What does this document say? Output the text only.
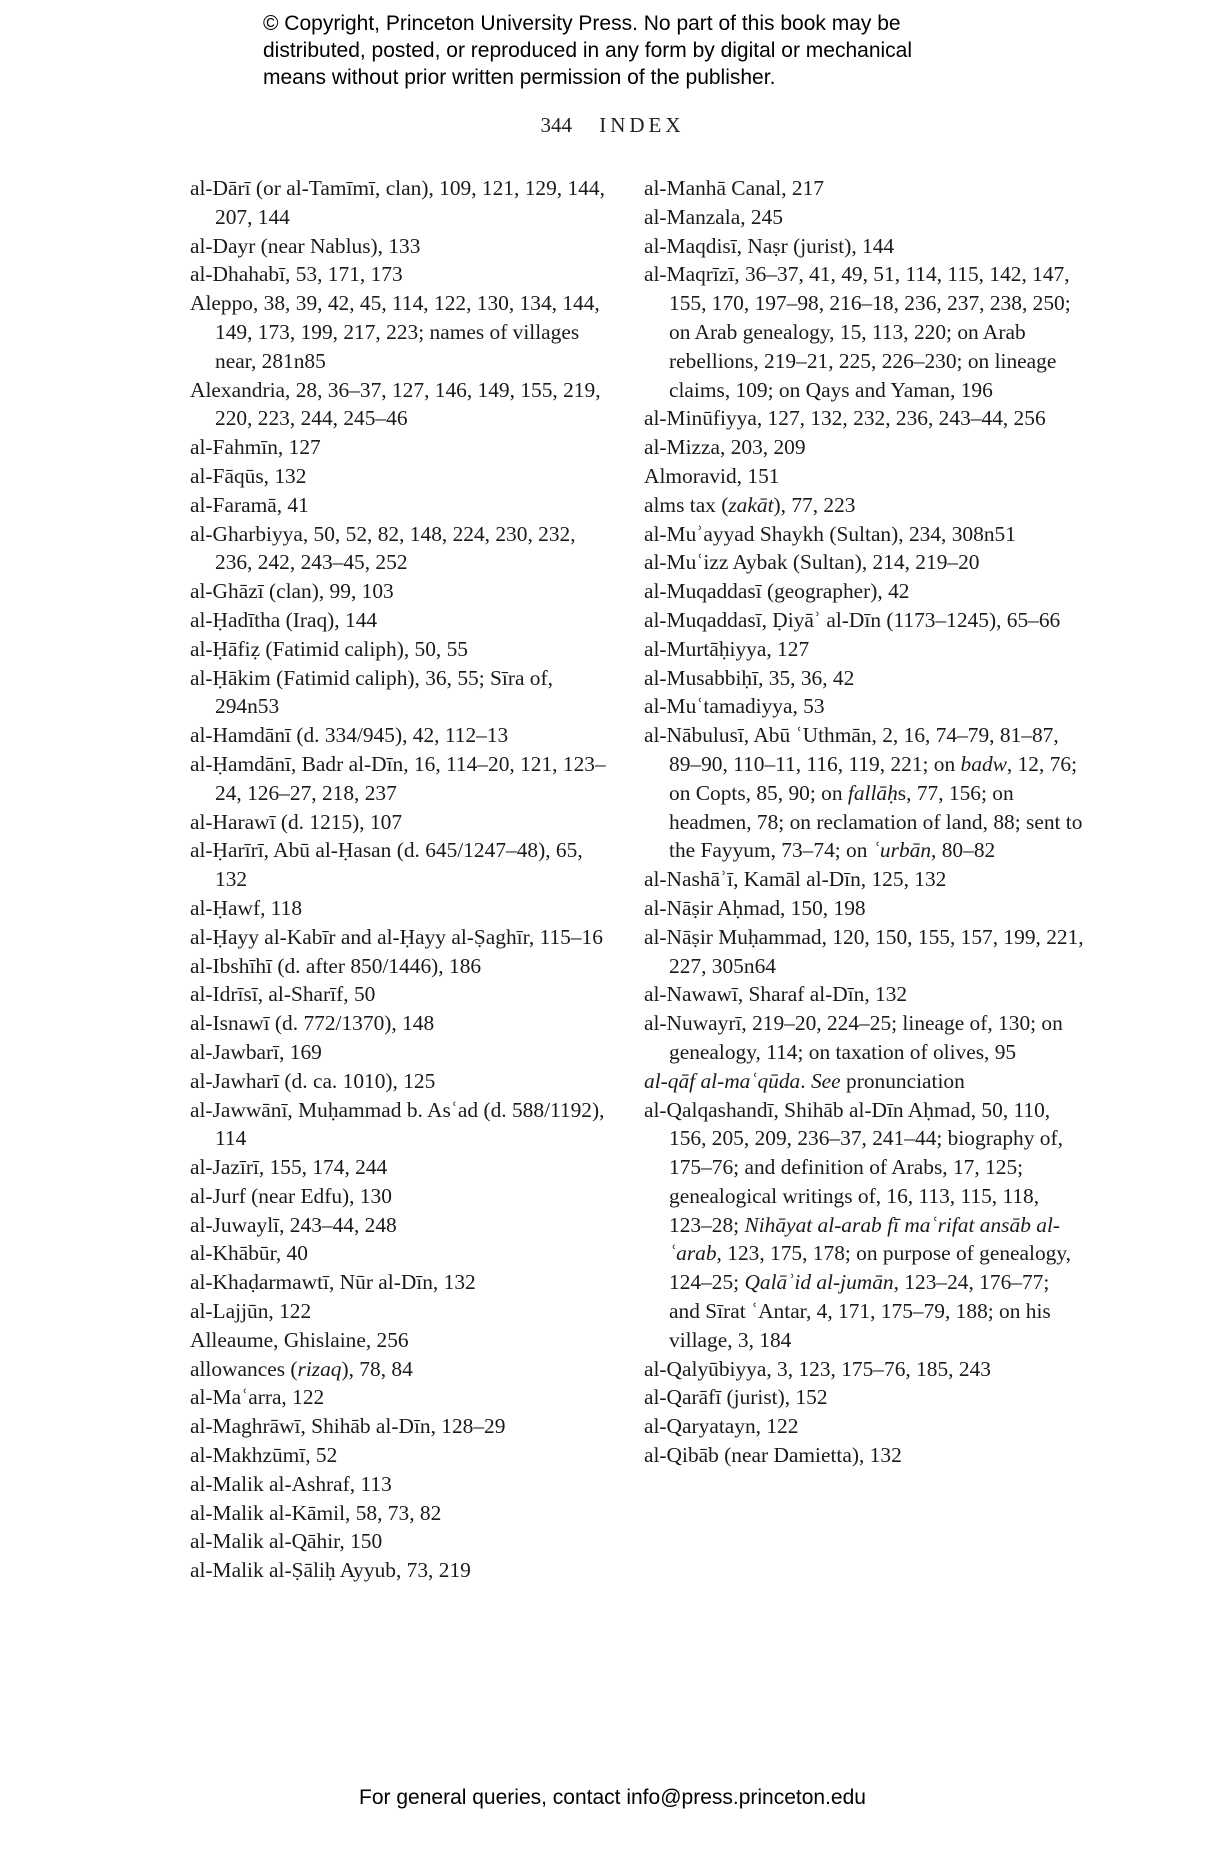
© Copyright, Princeton University Press. No part of this book may be
distributed, posted, or reproduced in any form by digital or mechanical
means without prior written permission of the publisher.
344 INDEX

al-Dārī (or al-Tamīmī, clan), 109, 121, 129, 144, 207, 144

al-Dayr (near Nablus), 133

al-Dhahabī, 53, 171, 173

Aleppo, 38, 39, 42, 45, 114, 122, 130, 134, 144, 149, 173, 199, 217, 223; names of villages near, 281n85

Alexandria, 28, 36–37, 127, 146, 149, 155, 219, 220, 223, 244, 245–46

al-Fahmīn, 127

al-Fāqūs, 132

al-Faramā, 41

al-Gharbiyya, 50, 52, 82, 148, 224, 230, 232, 236, 242, 243–45, 252

al-Ghāzī (clan), 99, 103

al-Ḥadītha (Iraq), 144

al-Ḥāfiẓ (Fatimid caliph), 50, 55

al-Ḥākim (Fatimid caliph), 36, 55; Sīra of, 294n53

al-Hamdānī (d. 334/945), 42, 112–13

al-Ḥamdānī, Badr al-Dīn, 16, 114–20, 121, 123–24, 126–27, 218, 237

al-Harawī (d. 1215), 107

al-Ḥarīrī, Abū al-Ḥasan (d. 645/1247–48), 65, 132

al-Ḥawf, 118

al-Ḥayy al-Kabīr and al-Ḥayy al-Ṣaghīr, 115–16

al-Ibshīhī (d. after 850/1446), 186

al-Idrīsī, al-Sharīf, 50

al-Isnawī (d. 772/1370), 148

al-Jawbarī, 169

al-Jawharī (d. ca. 1010), 125

al-Jawwānī, Muḥammad b. Asʿad (d. 588/1192), 114

al-Jazīrī, 155, 174, 244

al-Jurf (near Edfu), 130

al-Juwaylī, 243–44, 248

al-Khābūr, 40

al-Khaḍarmawtī, Nūr al-Dīn, 132

al-Lajjūn, 122

Alleaume, Ghislaine, 256

allowances (rizaq), 78, 84

al-Maʿarra, 122

al-Maghrāwī, Shihāb al-Dīn, 128–29

al-Makhzūmī, 52

al-Malik al-Ashraf, 113

al-Malik al-Kāmil, 58, 73, 82

al-Malik al-Qāhir, 150

al-Malik al-Ṣāliḥ Ayyub, 73, 219

al-Manhā Canal, 217

al-Manzala, 245

al-Maqdisī, Naṣr (jurist), 144

al-Maqrīzī, 36–37, 41, 49, 51, 114, 115, 142, 147, 155, 170, 197–98, 216–18, 236, 237, 238, 250; on Arab genealogy, 15, 113, 220; on Arab rebellions, 219–21, 225, 226–230; on lineage claims, 109; on Qays and Yaman, 196

al-Minūfiyya, 127, 132, 232, 236, 243–44, 256

al-Mizza, 203, 209

Almoravid, 151

alms tax (zakāt), 77, 223

al-Muʾayyad Shaykh (Sultan), 234, 308n51

al-Muʿizz Aybak (Sultan), 214, 219–20

al-Muqaddasī (geographer), 42

al-Muqaddasī, Ḍiyāʾ al-Dīn (1173–1245), 65–66

al-Murtāḥiyya, 127

al-Musabbiḥī, 35, 36, 42

al-Muʿtamadiyya, 53

al-Nābulusī, Abū ʿUthmān, 2, 16, 74–79, 81–87, 89–90, 110–11, 116, 119, 221; on badw, 12, 76; on Copts, 85, 90; on fallāḥs, 77, 156; on headmen, 78; on reclamation of land, 88; sent to the Fayyum, 73–74; on ʿurbān, 80–82

al-Nashāʾī, Kamāl al-Dīn, 125, 132

al-Nāṣir Aḥmad, 150, 198

al-Nāṣir Muḥammad, 120, 150, 155, 157, 199, 221, 227, 305n64

al-Nawawī, Sharaf al-Dīn, 132

al-Nuwayrī, 219–20, 224–25; lineage of, 130; on genealogy, 114; on taxation of olives, 95

al-qāf al-maʿqūda. See pronunciation

al-Qalqashandī, Shihāb al-Dīn Aḥmad, 50, 110, 156, 205, 209, 236–37, 241–44; biography of, 175–76; and definition of Arabs, 17, 125; genealogical writings of, 16, 113, 115, 118, 123–28; Nihāyat al-arab fī maʿrifat ansāb al-ʿarab, 123, 175, 178; on purpose of genealogy, 124–25; Qalāʾid al-jumān, 123–24, 176–77; and Sīrat ʿAntar, 4, 171, 175–79, 188; on his village, 3, 184

al-Qalyūbiyya, 3, 123, 175–76, 185, 243

al-Qarāfī (jurist), 152

al-Qaryatayn, 122

al-Qibāb (near Damietta), 132

For general queries, contact info@press.princeton.edu
